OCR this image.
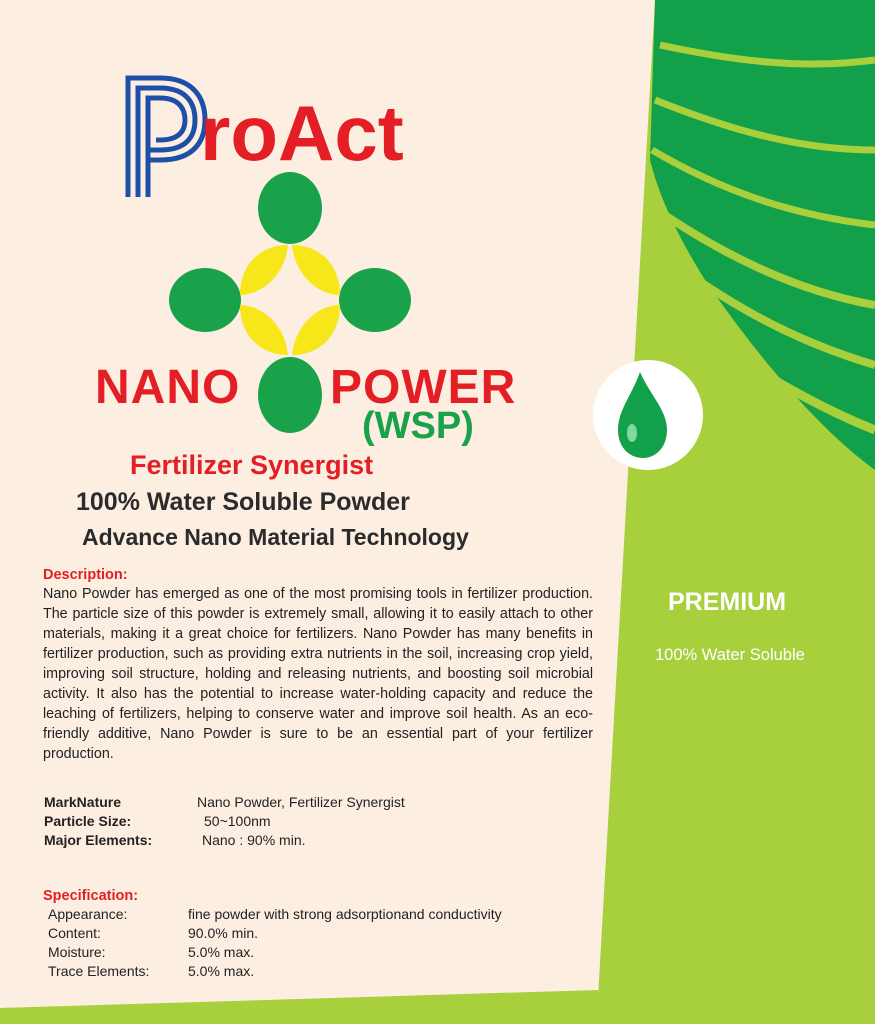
roAct
NANO POWER
(WSP)
Fertilizer Synergist
100% Water Soluble Powder
Advance Nano Material Technology
Description:
Nano Powder has emerged as one of the most promising tools in fertilizer production. The particle size of this powder is extremely small, allowing it to easily attach to other materials, making it a great choice for fertilizers. Nano Powder has many benefits in fertilizer production, such as providing extra nutrients in the soil, increasing crop yield, improving soil structure, holding and releasing nutrients, and boosting soil microbial activity. It also has the potential to increase water-holding capacity and reduce the leaching of fertilizers, helping to conserve water and improve soil health. As an eco-friendly additive, Nano Powder is sure to be an essential part of your fertilizer production.
MarkNature	Nano Powder, Fertilizer Synergist
Particle Size:	50~100nm
Major Elements:	Nano : 90% min.
Specification:
Appearance:	fine powder with strong adsorptionand conductivity
Content:	90.0% min.
Moisture:	5.0% max.
Trace Elements:	5.0% max.
PREMIUM
100% Water Soluble
